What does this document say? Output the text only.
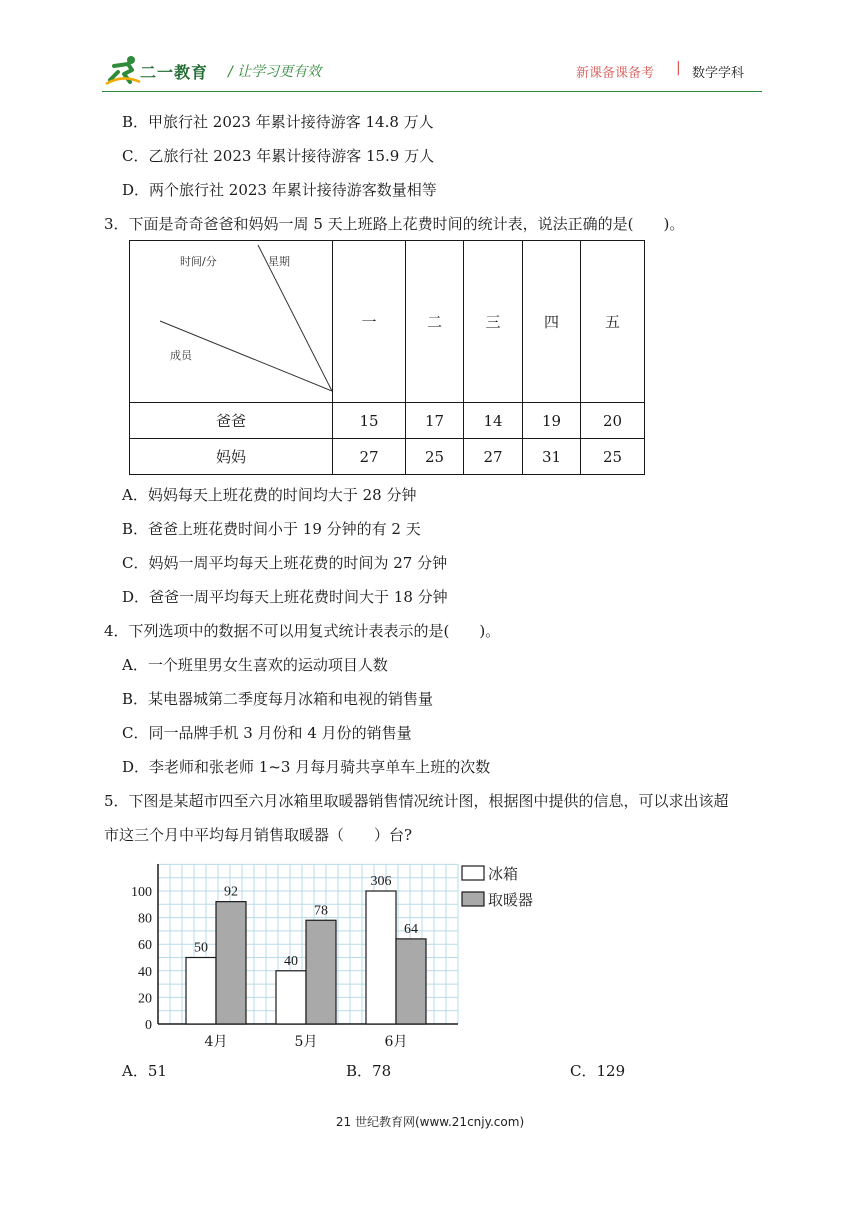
二一教育 / 让学习更有效	新课备课备考 | 数学学科
B．甲旅行社 2023 年累计接待游客 14.8 万人
C．乙旅行社 2023 年累计接待游客 15.9 万人
D．两个旅行社 2023 年累计接待游客数量相等
3．下面是奇奇爸爸和妈妈一周 5 天上班路上花费时间的统计表，说法正确的是(　　)。
时间/分 星期
成员	一	二	三	四	五
爸爸	15	17	14	19	20
妈妈	27	25	27	31	25
A．妈妈每天上班花费的时间均大于 28 分钟
B．爸爸上班花费时间小于 19 分钟的有 2 天
C．妈妈一周平均每天上班花费的时间为 27 分钟
D．爸爸一周平均每天上班花费时间大于 18 分钟
4．下列选项中的数据不可以用复式统计表表示的是(　　)。
A．一个班里男女生喜欢的运动项目人数
B．某电器城第二季度每月冰箱和电视的销售量
C．同一品牌手机 3 月份和 4 月份的销售量
D．李老师和张老师 1~3 月每月骑共享单车上班的次数
5．下图是某超市四至六月冰箱里取暖器销售情况统计图，根据图中提供的信息，可以求出该超
市这三个月中平均每月销售取暖器（　　）台?
0
20
40
60
80
100
50
92
4月
40
78
5月
306
64
6月
冰箱
取暖器
A．51	B．78	C．129
21 世纪教育网(www.21cnjy.com)
